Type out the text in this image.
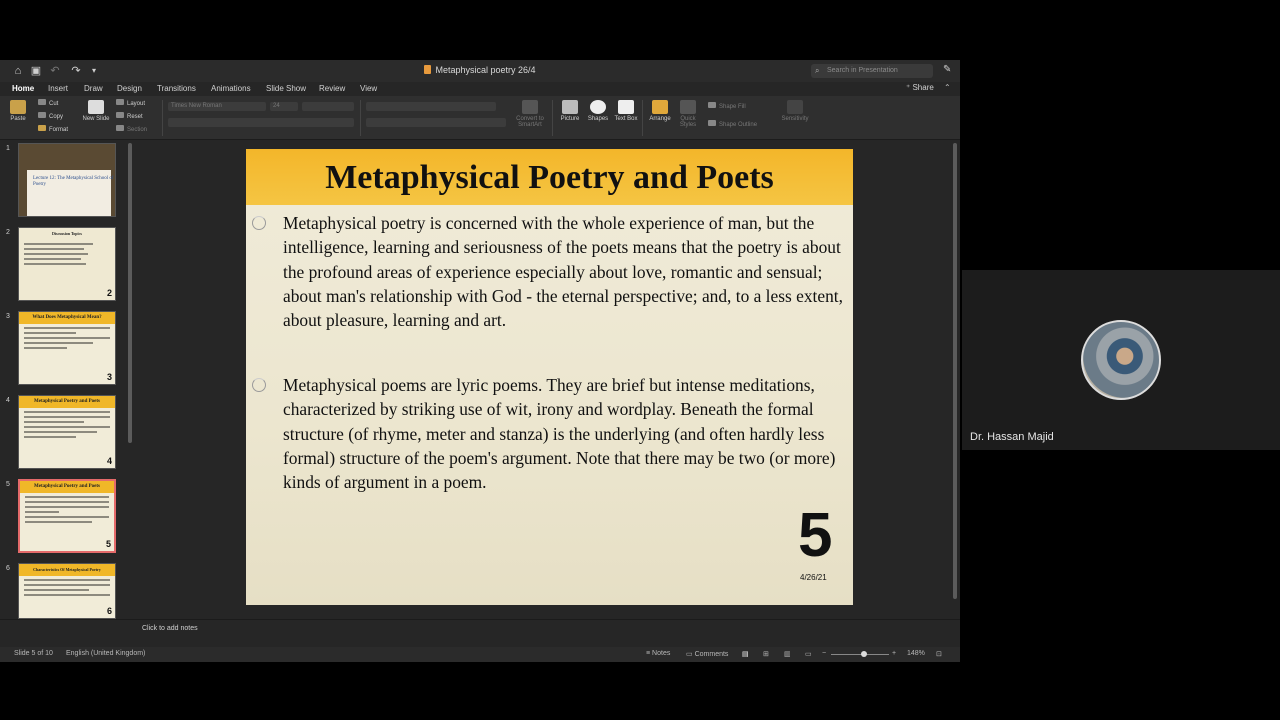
⌂ ▣ ↶ ↷	▾	Metaphysical poetry 26/4	⌕ Search in Presentation	✎
Home Insert Draw Design Transitions Animations Slide Show Review View	⁺ Share ⌃
Paste
Cut
Copy
Format
New Slide
Layout
Reset
Section
Times New Roman	24
Convert to SmartArt
Picture	Shapes	Text Box	Arrange	Quick Styles
Shape Fill
Shape Outline
Sensitivity
1
Lecture 12: The Metaphysical School of Poetry
2	Discussion Topics
2
3	What Does Metaphysical Mean?
3
4	Metaphysical Poetry and Poets
4
5	Metaphysical Poetry and Poets
5
6	Characteristics Of Metaphysical Poetry
6
Click to add notes
Slide 5 of 10 English (United Kingdom)	≡ Notes ▭ Comments ▤ ⊞ ▥ ▭ −	+ 148% ⊡
Metaphysical Poetry and Poets
Metaphysical poetry is concerned with the whole experience of man, but the intelligence, learning and seriousness of the poets means that the poetry is about the profound areas of experience especially about love, romantic and sensual; about man's relationship with God - the eternal perspective; and, to a less extent, about pleasure, learning and art.
Metaphysical poems are lyric poems. They are brief but intense meditations, characterized by striking use of wit, irony and wordplay. Beneath the formal structure (of rhyme, meter and stanza) is the underlying (and often hardly less formal) structure of the poem's argument. Note that there may be two (or more) kinds of argument in a poem.
5
4/26/21
Dr. Hassan Majid
